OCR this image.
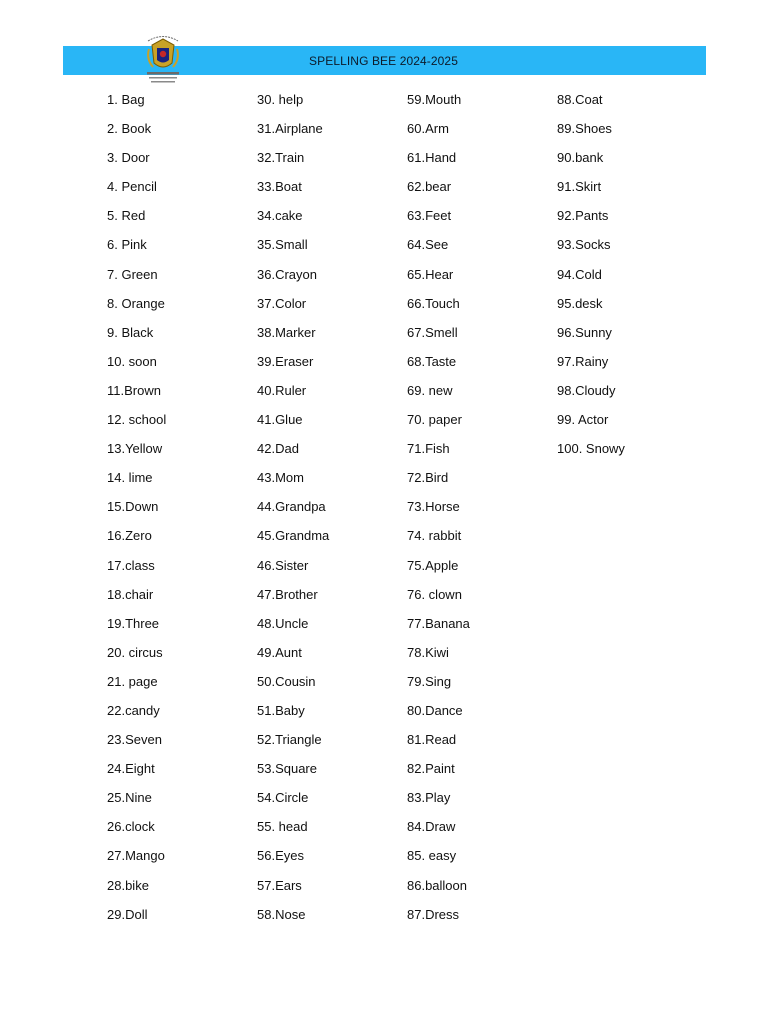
SPELLING BEE 2024-2025
1. Bag
2. Book
3. Door
4. Pencil
5. Red
6. Pink
7. Green
8. Orange
9. Black
10. soon
11.Brown
12. school
13.Yellow
14. lime
15.Down
16.Zero
17.class
18.chair
19.Three
20. circus
21. page
22.candy
23.Seven
24.Eight
25.Nine
26.clock
27.Mango
28.bike
29.Doll
30. help
31.Airplane
32.Train
33.Boat
34.cake
35.Small
36.Crayon
37.Color
38.Marker
39.Eraser
40.Ruler
41.Glue
42.Dad
43.Mom
44.Grandpa
45.Grandma
46.Sister
47.Brother
48.Uncle
49.Aunt
50.Cousin
51.Baby
52.Triangle
53.Square
54.Circle
55. head
56.Eyes
57.Ears
58.Nose
59.Mouth
60.Arm
61.Hand
62.bear
63.Feet
64.See
65.Hear
66.Touch
67.Smell
68.Taste
69. new
70. paper
71.Fish
72.Bird
73.Horse
74. rabbit
75.Apple
76. clown
77.Banana
78.Kiwi
79.Sing
80.Dance
81.Read
82.Paint
83.Play
84.Draw
85. easy
86.balloon
87.Dress
88.Coat
89.Shoes
90.bank
91.Skirt
92.Pants
93.Socks
94.Cold
95.desk
96.Sunny
97.Rainy
98.Cloudy
99. Actor
100. Snowy
